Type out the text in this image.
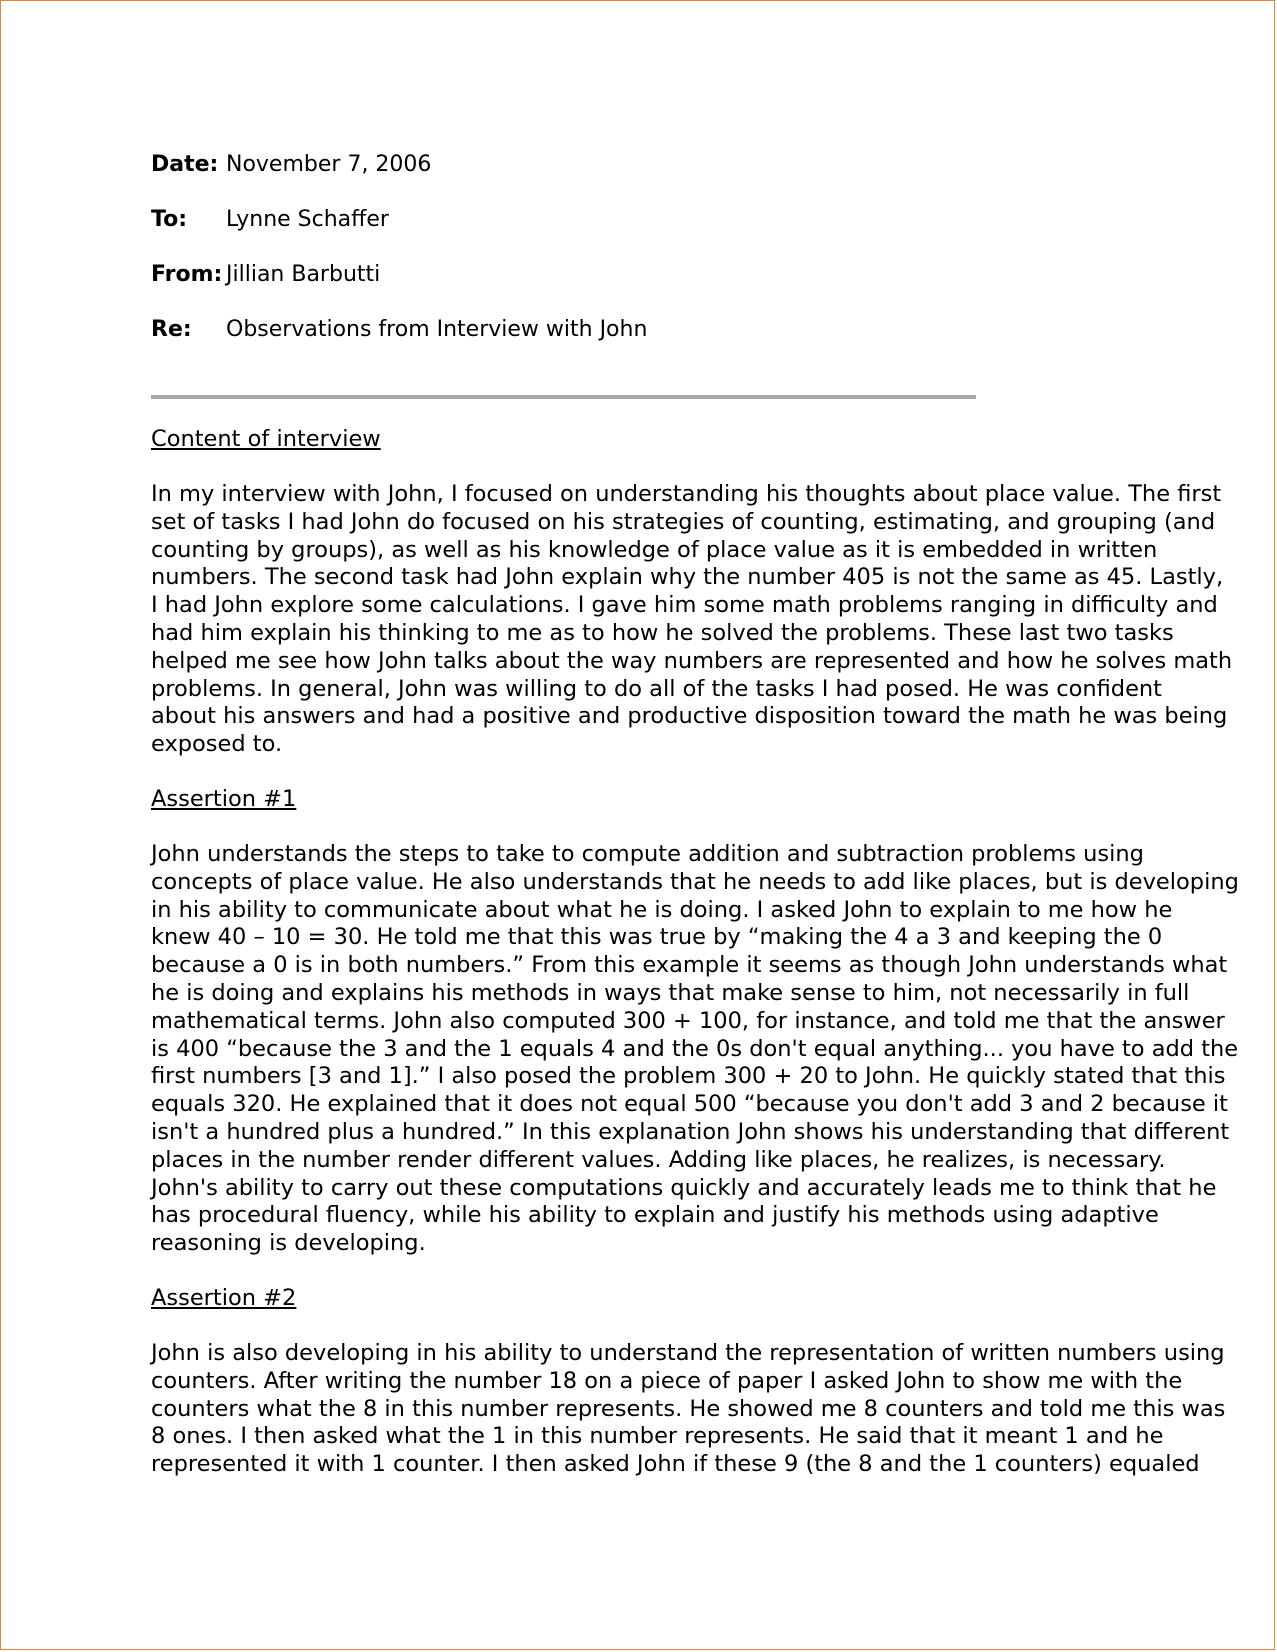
Date: November 7, 2006
To: Lynne Schaffer
From: Jillian Barbutti
Re: Observations from Interview with John
Content of interview
In my interview with John, I focused on understanding his thoughts about place value. The first
set of tasks I had John do focused on his strategies of counting, estimating, and grouping (and
counting by groups), as well as his knowledge of place value as it is embedded in written
numbers. The second task had John explain why the number 405 is not the same as 45. Lastly,
I had John explore some calculations. I gave him some math problems ranging in difficulty and
had him explain his thinking to me as to how he solved the problems. These last two tasks
helped me see how John talks about the way numbers are represented and how he solves math
problems. In general, John was willing to do all of the tasks I had posed. He was confident
about his answers and had a positive and productive disposition toward the math he was being
exposed to.
Assertion #1
John understands the steps to take to compute addition and subtraction problems using
concepts of place value. He also understands that he needs to add like places, but is developing
in his ability to communicate about what he is doing. I asked John to explain to me how he
knew 40 – 10 = 30. He told me that this was true by “making the 4 a 3 and keeping the 0
because a 0 is in both numbers.” From this example it seems as though John understands what
he is doing and explains his methods in ways that make sense to him, not necessarily in full
mathematical terms. John also computed 300 + 100, for instance, and told me that the answer
is 400 “because the 3 and the 1 equals 4 and the 0s don't equal anything... you have to add the
first numbers [3 and 1].” I also posed the problem 300 + 20 to John. He quickly stated that this
equals 320. He explained that it does not equal 500 “because you don't add 3 and 2 because it
isn't a hundred plus a hundred.” In this explanation John shows his understanding that different
places in the number render different values. Adding like places, he realizes, is necessary.
John's ability to carry out these computations quickly and accurately leads me to think that he
has procedural fluency, while his ability to explain and justify his methods using adaptive
reasoning is developing.
Assertion #2
John is also developing in his ability to understand the representation of written numbers using
counters. After writing the number 18 on a piece of paper I asked John to show me with the
counters what the 8 in this number represents. He showed me 8 counters and told me this was
8 ones. I then asked what the 1 in this number represents. He said that it meant 1 and he
represented it with 1 counter. I then asked John if these 9 (the 8 and the 1 counters) equaled
